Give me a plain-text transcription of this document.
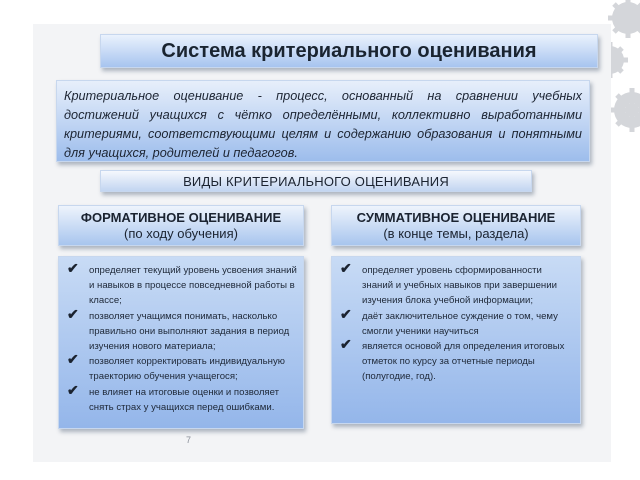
Система критериального оценивания
Критериальное оценивание - процесс, основанный на сравнении учебных достижений учащихся с чётко определёнными, коллективно выработанными критериями, соответствующими целям и содержанию образования и понятными для учащихся, родителей и педагогов.
ВИДЫ КРИТЕРИАЛЬНОГО ОЦЕНИВАНИЯ
ФОРМАТИВНОЕ ОЦЕНИВАНИЕ
(по ходу обучения)
СУММАТИВНОЕ ОЦЕНИВАНИЕ
(в конце темы, раздела)
✔ определяет текущий уровень усвоения знаний и навыков в процессе повседневной работы в классе;
✔ позволяет учащимся понимать, насколько правильно они выполняют задания в период изучения нового материала;
✔ позволяет корректировать индивидуальную траекторию обучения учащегося;
✔ не влияет на итоговые оценки и позволяет снять страх у учащихся перед ошибками.
✔ определяет уровень сформированности знаний и учебных навыков при завершении изучения блока учебной информации;
✔ даёт заключительное суждение о том, чему смогли ученики научиться
✔ является основой для определения итоговых отметок по курсу за отчетные периоды (полугодие, год).
7
